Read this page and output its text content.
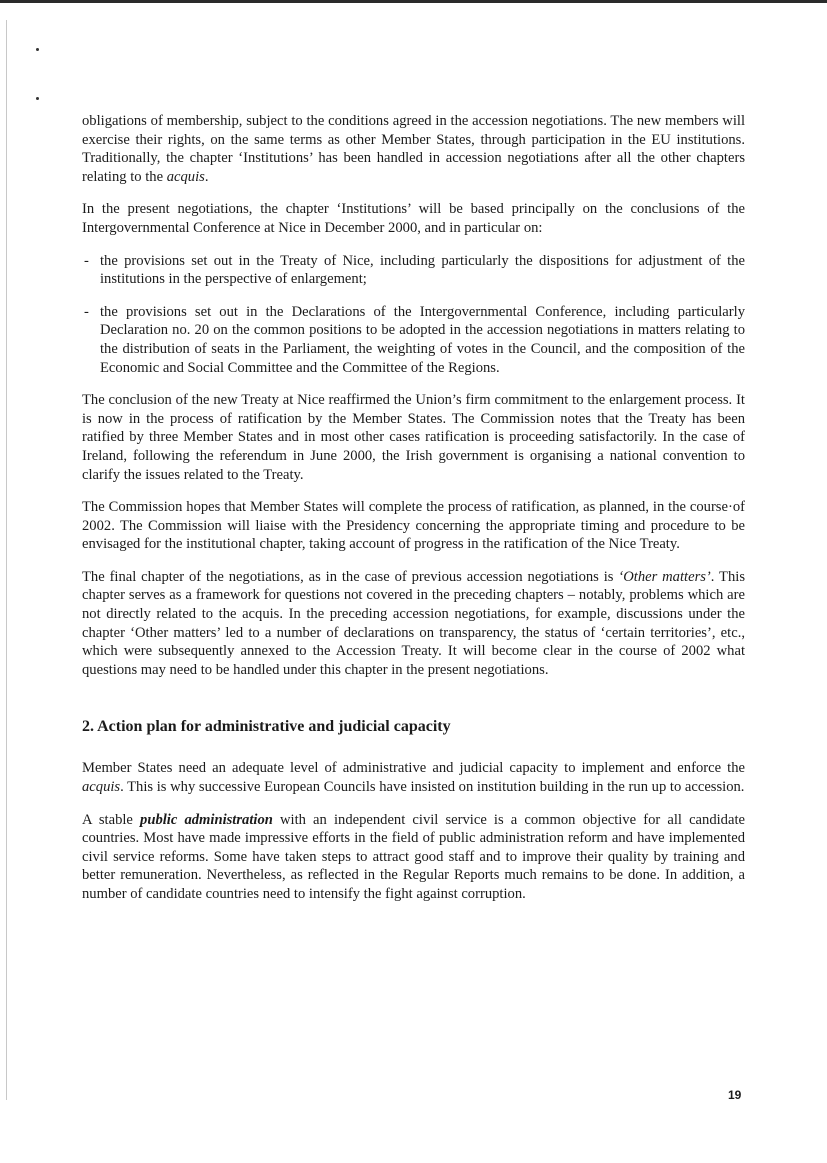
obligations of membership, subject to the conditions agreed in the accession negotiations. The new members will exercise their rights, on the same terms as other Member States, through participation in the EU institutions. Traditionally, the chapter ‘Institutions’ has been handled in accession negotiations after all the other chapters relating to the acquis.

In the present negotiations, the chapter ‘Institutions’ will be based principally on the conclusions of the Intergovernmental Conference at Nice in December 2000, and in particular on:

- the provisions set out in the Treaty of Nice, including particularly the dispositions for adjustment of the institutions in the perspective of enlargement;
- the provisions set out in the Declarations of the Intergovernmental Conference, including particularly Declaration no. 20 on the common positions to be adopted in the accession negotiations in matters relating to the distribution of seats in the Parliament, the weighting of votes in the Council, and the composition of the Economic and Social Committee and the Committee of the Regions.

The conclusion of the new Treaty at Nice reaffirmed the Union’s firm commitment to the enlargement process. It is now in the process of ratification by the Member States. The Commission notes that the Treaty has been ratified by three Member States and in most other cases ratification is proceeding satisfactorily. In the case of Ireland, following the referendum in June 2000, the Irish government is organising a national convention to clarify the issues related to the Treaty.

The Commission hopes that Member States will complete the process of ratification, as planned, in the course·of 2002. The Commission will liaise with the Presidency concerning the appropriate timing and procedure to be envisaged for the institutional chapter, taking account of progress in the ratification of the Nice Treaty.

The final chapter of the negotiations, as in the case of previous accession negotiations is ‘Other matters’. This chapter serves as a framework for questions not covered in the preceding chapters – notably, problems which are not directly related to the acquis. In the preceding accession negotiations, for example, discussions under the chapter ‘Other matters’ led to a number of declarations on transparency, the status of ‘certain territories’, etc., which were subsequently annexed to the Accession Treaty. It will become clear in the course of 2002 what questions may need to be handled under this chapter in the present negotiations.

2. Action plan for administrative and judicial capacity

Member States need an adequate level of administrative and judicial capacity to implement and enforce the acquis. This is why successive European Councils have insisted on institution building in the run up to accession.

A stable public administration with an independent civil service is a common objective for all candidate countries. Most have made impressive efforts in the field of public administration reform and have implemented civil service reforms. Some have taken steps to attract good staff and to improve their quality by training and better remuneration. Nevertheless, as reflected in the Regular Reports much remains to be done. In addition, a number of candidate countries need to intensify the fight against corruption.

19
